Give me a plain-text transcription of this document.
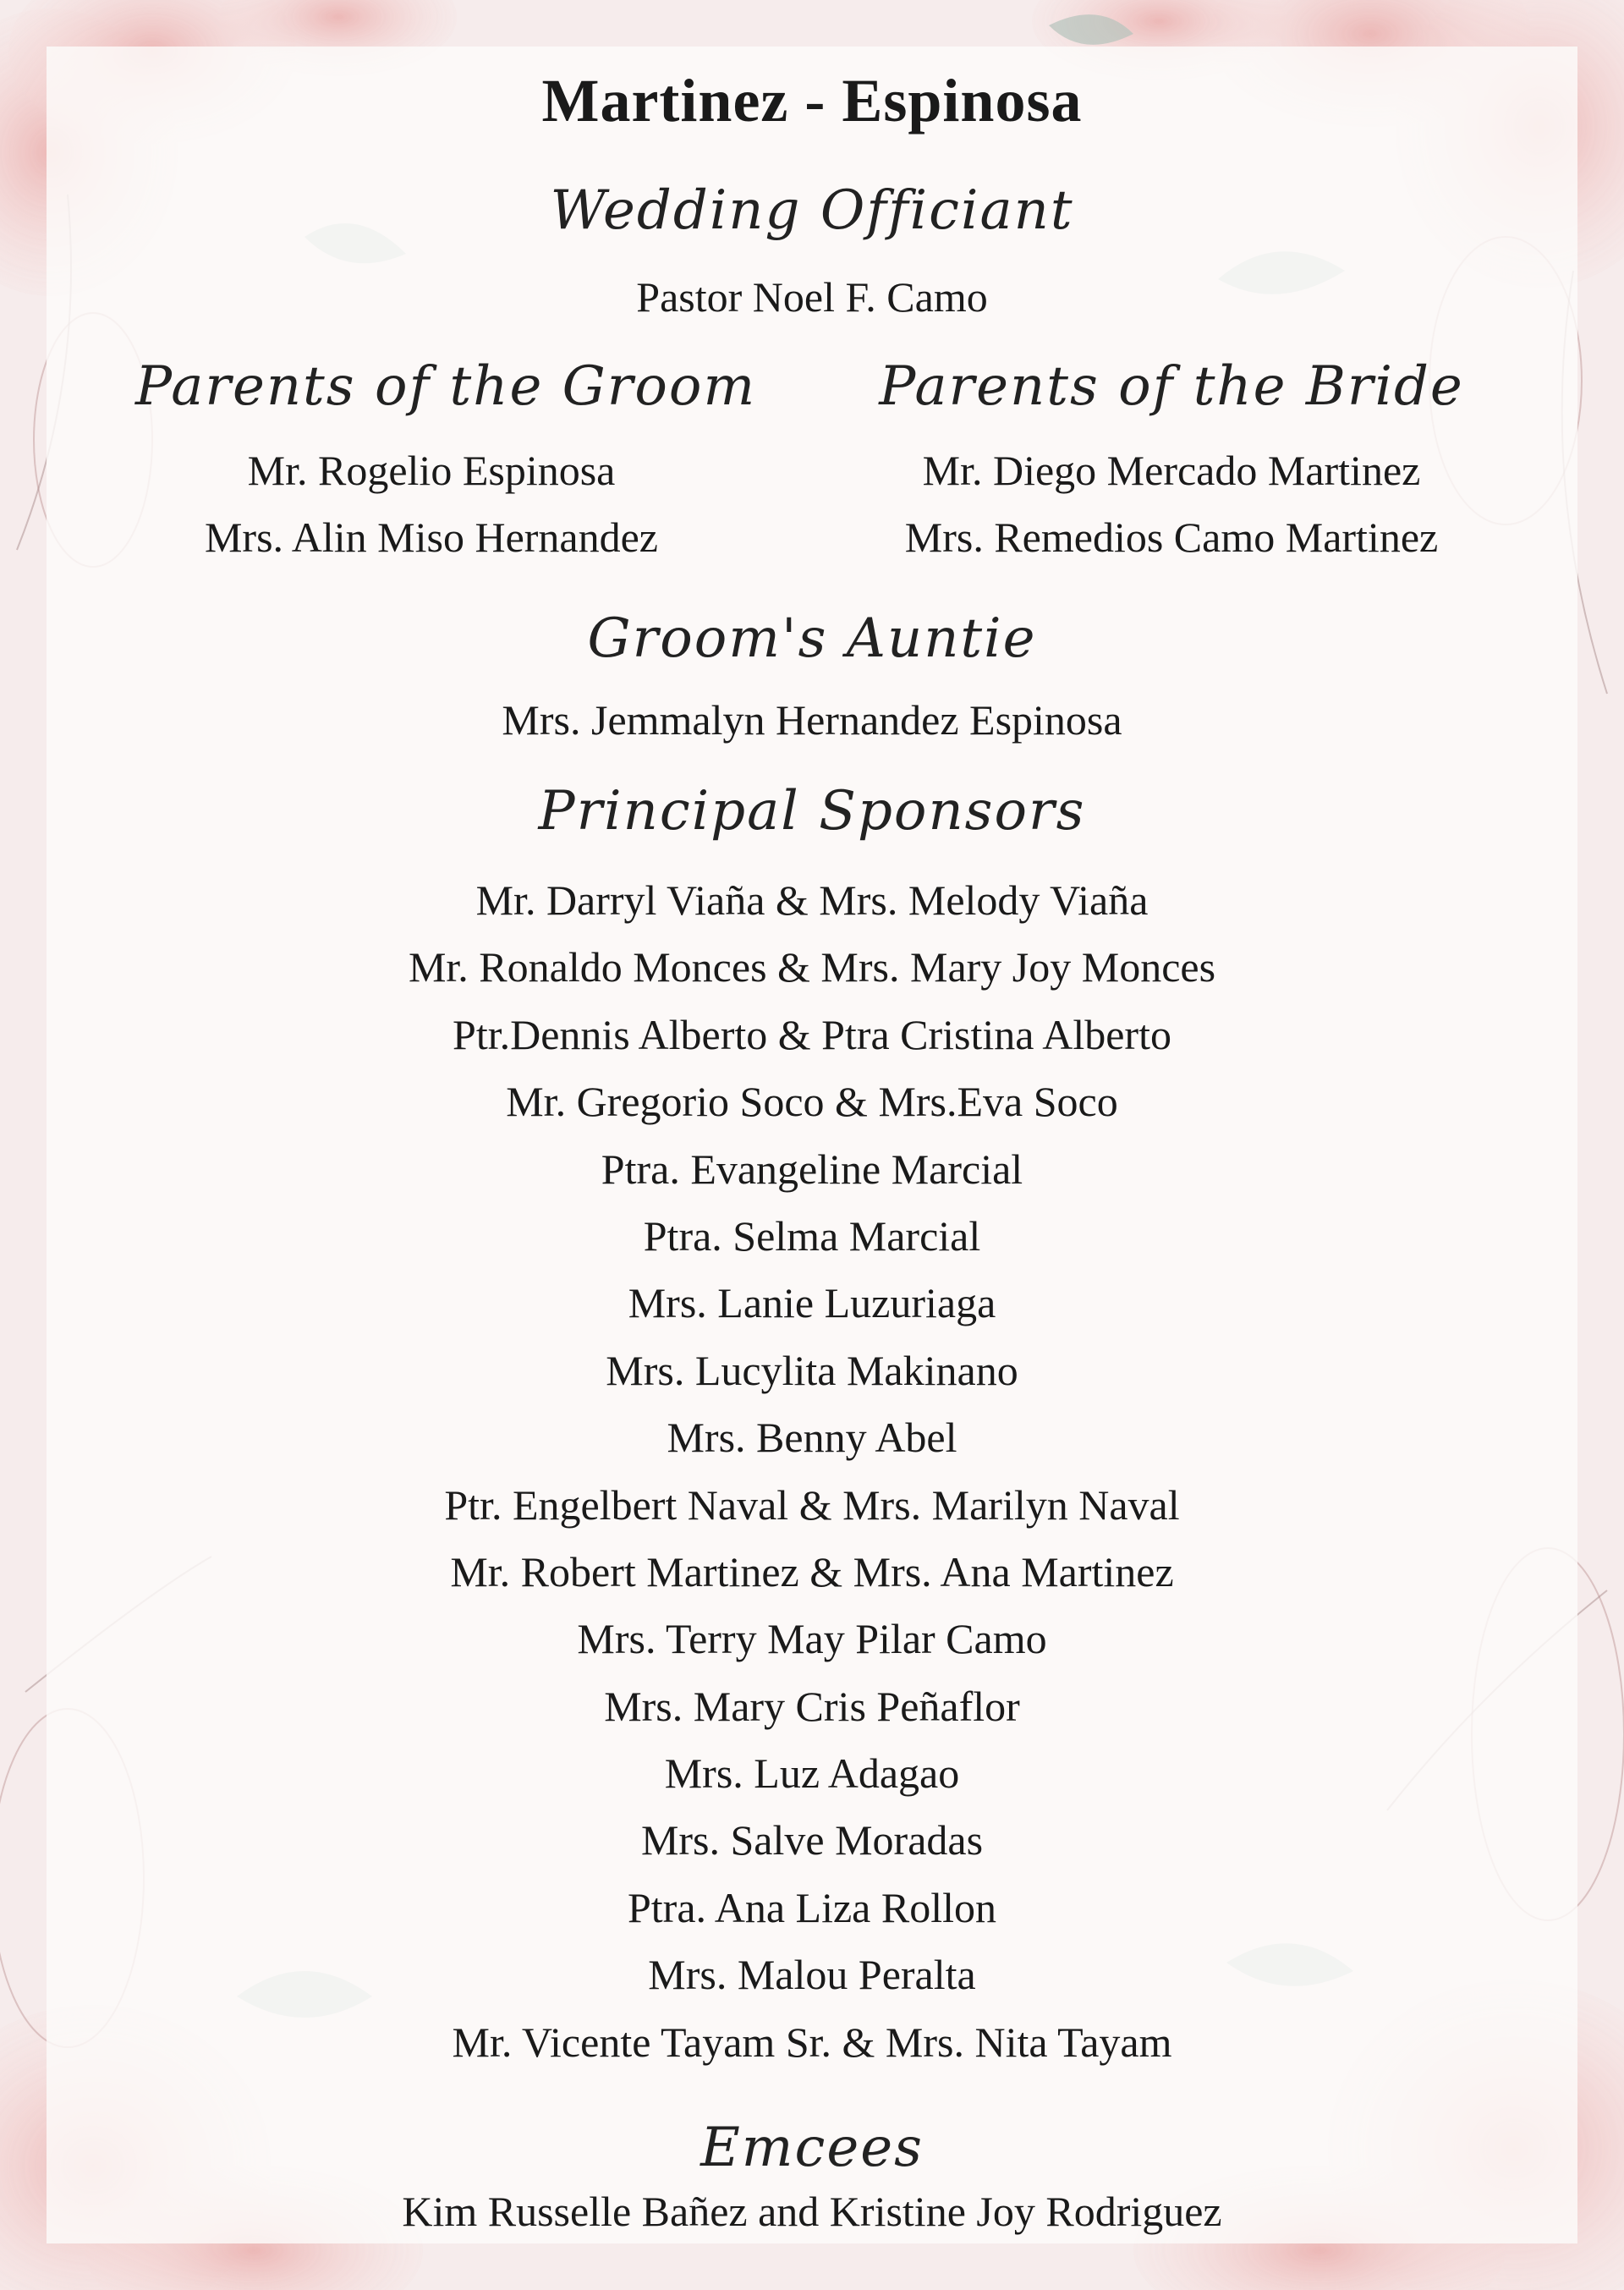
Martinez - Espinosa
Wedding Officiant
Pastor Noel F. Camo
Parents of the Groom
Mr. Rogelio Espinosa
Mrs. Alin Miso Hernandez
Parents of the Bride
Mr. Diego Mercado Martinez
Mrs. Remedios Camo Martinez
Groom's Auntie
Mrs. Jemmalyn Hernandez Espinosa
Principal Sponsors
Mr. Darryl Viaña & Mrs. Melody Viaña
Mr. Ronaldo Monces & Mrs. Mary Joy Monces
Ptr.Dennis Alberto & Ptra Cristina Alberto
Mr. Gregorio Soco & Mrs.Eva Soco
Ptra. Evangeline Marcial
Ptra. Selma Marcial
Mrs. Lanie Luzuriaga
Mrs. Lucylita Makinano
Mrs. Benny Abel
Ptr. Engelbert Naval & Mrs. Marilyn Naval
Mr. Robert Martinez & Mrs. Ana Martinez
Mrs. Terry May Pilar Camo
Mrs. Mary Cris Peñaflor
Mrs. Luz Adagao
Mrs. Salve Moradas
Ptra. Ana Liza Rollon
Mrs. Malou Peralta
Mr. Vicente Tayam Sr. & Mrs. Nita Tayam
Emcees
Kim Russelle Bañez and Kristine Joy Rodriguez
